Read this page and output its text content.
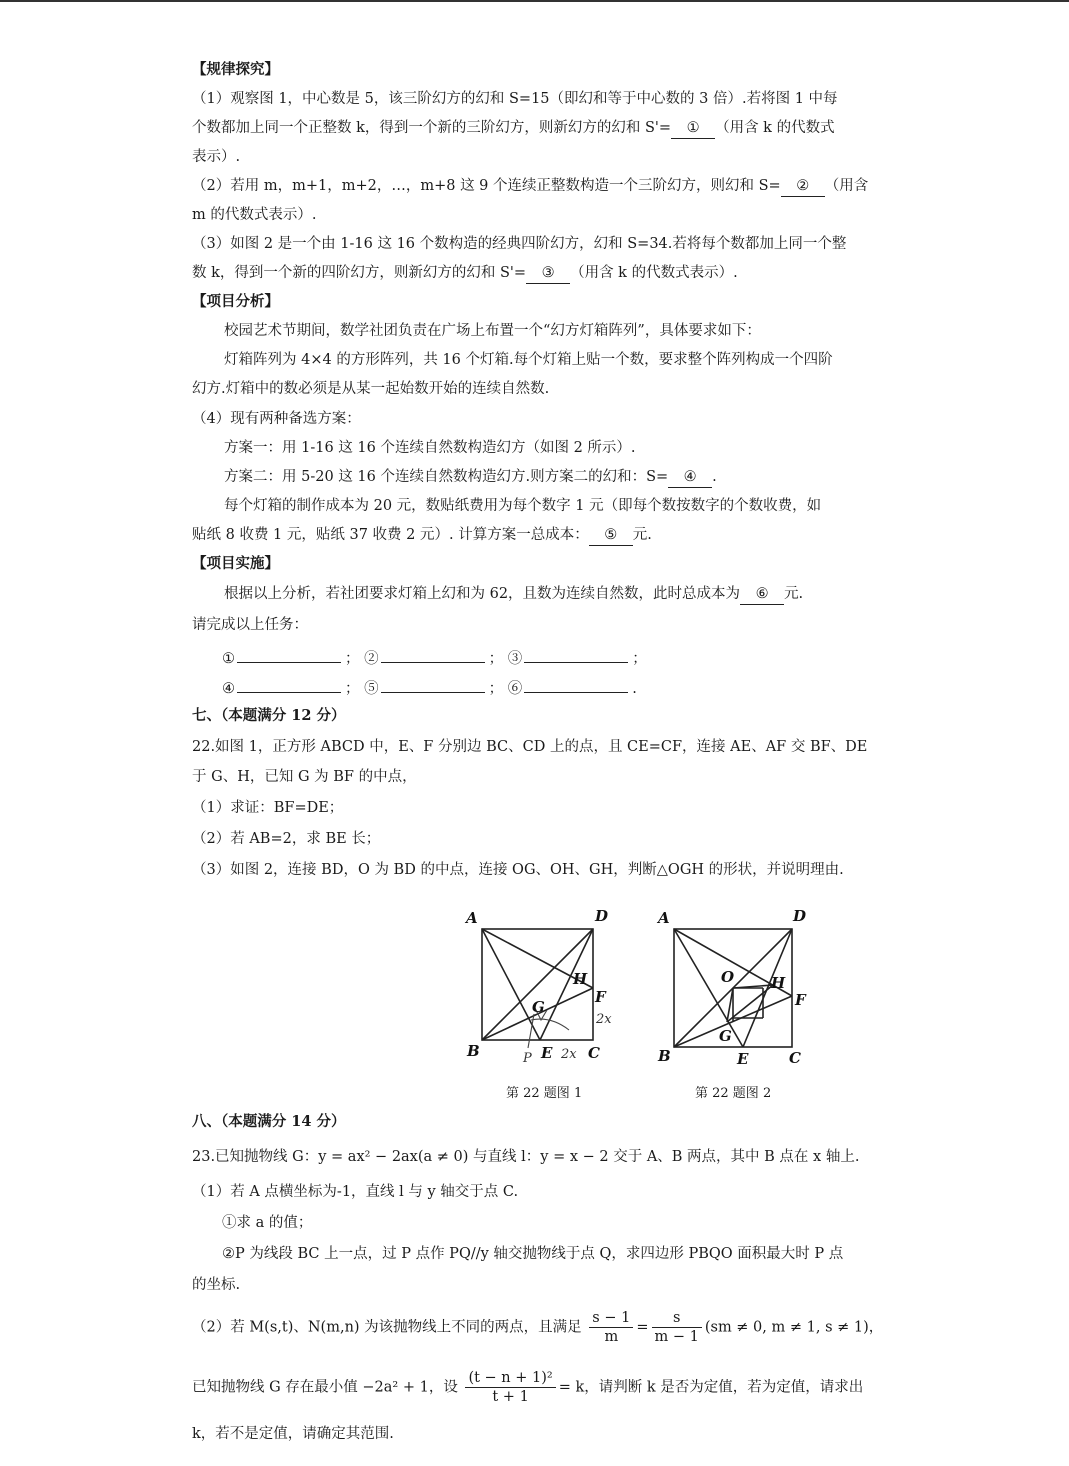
【规律探究】
（1）观察图 1，中心数是 5，该三阶幻方的幻和 S=15（即幻和等于中心数的 3 倍）.若将图 1 中每
个数都加上同一个正整数 k，得到一个新的三阶幻方，则新幻方的幻和 S'= ① （用含 k 的代数式
表示）.
（2）若用 m，m+1，m+2，…，m+8 这 9 个连续正整数构造一个三阶幻方，则幻和 S= ② （用含
m 的代数式表示）.
（3）如图 2 是一个由 1-16 这 16 个数构造的经典四阶幻方，幻和 S=34.若将每个数都加上同一个整
数 k，得到一个新的四阶幻方，则新幻方的幻和 S'= ③ （用含 k 的代数式表示）.
【项目分析】
校园艺术节期间，数学社团负责在广场上布置一个“幻方灯箱阵列”，具体要求如下：
灯箱阵列为 4×4 的方形阵列，共 16 个灯箱.每个灯箱上贴一个数，要求整个阵列构成一个四阶
幻方.灯箱中的数必须是从某一起始数开始的连续自然数.
（4）现有两种备选方案：
方案一：用 1-16 这 16 个连续自然数构造幻方（如图 2 所示）.
方案二：用 5-20 这 16 个连续自然数构造幻方.则方案二的幻和：S= ④ .
每个灯箱的制作成本为 20 元，数贴纸费用为每个数字 1 元（即每个数按数字的个数收费，如
贴纸 8 收费 1 元，贴纸 37 收费 2 元）. 计算方案一总成本： ⑤ 元.
【项目实施】
根据以上分析，若社团要求灯箱上幻和为 62，且数为连续自然数，此时总成本为 ⑥ 元.
请完成以上任务：
①	； ②	； ③	；
④	； ⑤	； ⑥	.
七、（本题满分 12 分）
22.如图 1，正方形 ABCD 中，E、F 分别边 BC、CD 上的点，且 CE=CF，连接 AE、AF 交 BF、DE
于 G、H，已知 G 为 BF 的中点，
（1）求证：BF=DE；
（2）若 AB=2，求 BE 长；
（3）如图 2，连接 BD，O 为 BD 的中点，连接 OG、OH、GH，判断△OGH 的形状，并说明理由.
A	D
B	E C
F
G
H
P
2x
2x
第 22 题图 1
A	D
B	E	C
F
G
H
O
第 22 题图 2
八、（本题满分 14 分）
23.已知抛物线 G：y = ax² − 2ax(a ≠ 0) 与直线 l：y = x − 2 交于 A、B 两点，其中 B 点在 x 轴上.
（1）若 A 点横坐标为-1，直线 l 与 y 轴交于点 C.
①求 a 的值；
②P 为线段 BC 上一点，过 P 点作 PQ//y 轴交抛物线于点 Q，求四边形 PBQO 面积最大时 P 点
的坐标.
（2）若 M(s,t)、N(m,n) 为该抛物线上不同的两点，且满足 $\frac{s - 1}{m} = \frac{s}{m - 1} (sm \ne 0$, m ≠ 1, s ≠ 1)，
已知抛物线 G 存在最小值 −2a² + 1，设 $\frac{\text{(t − n + 1)²}}{t + 1} = k$，请判断 k 是否为定值，若为定值，请求出
k，若不是定值，请确定其范围.
